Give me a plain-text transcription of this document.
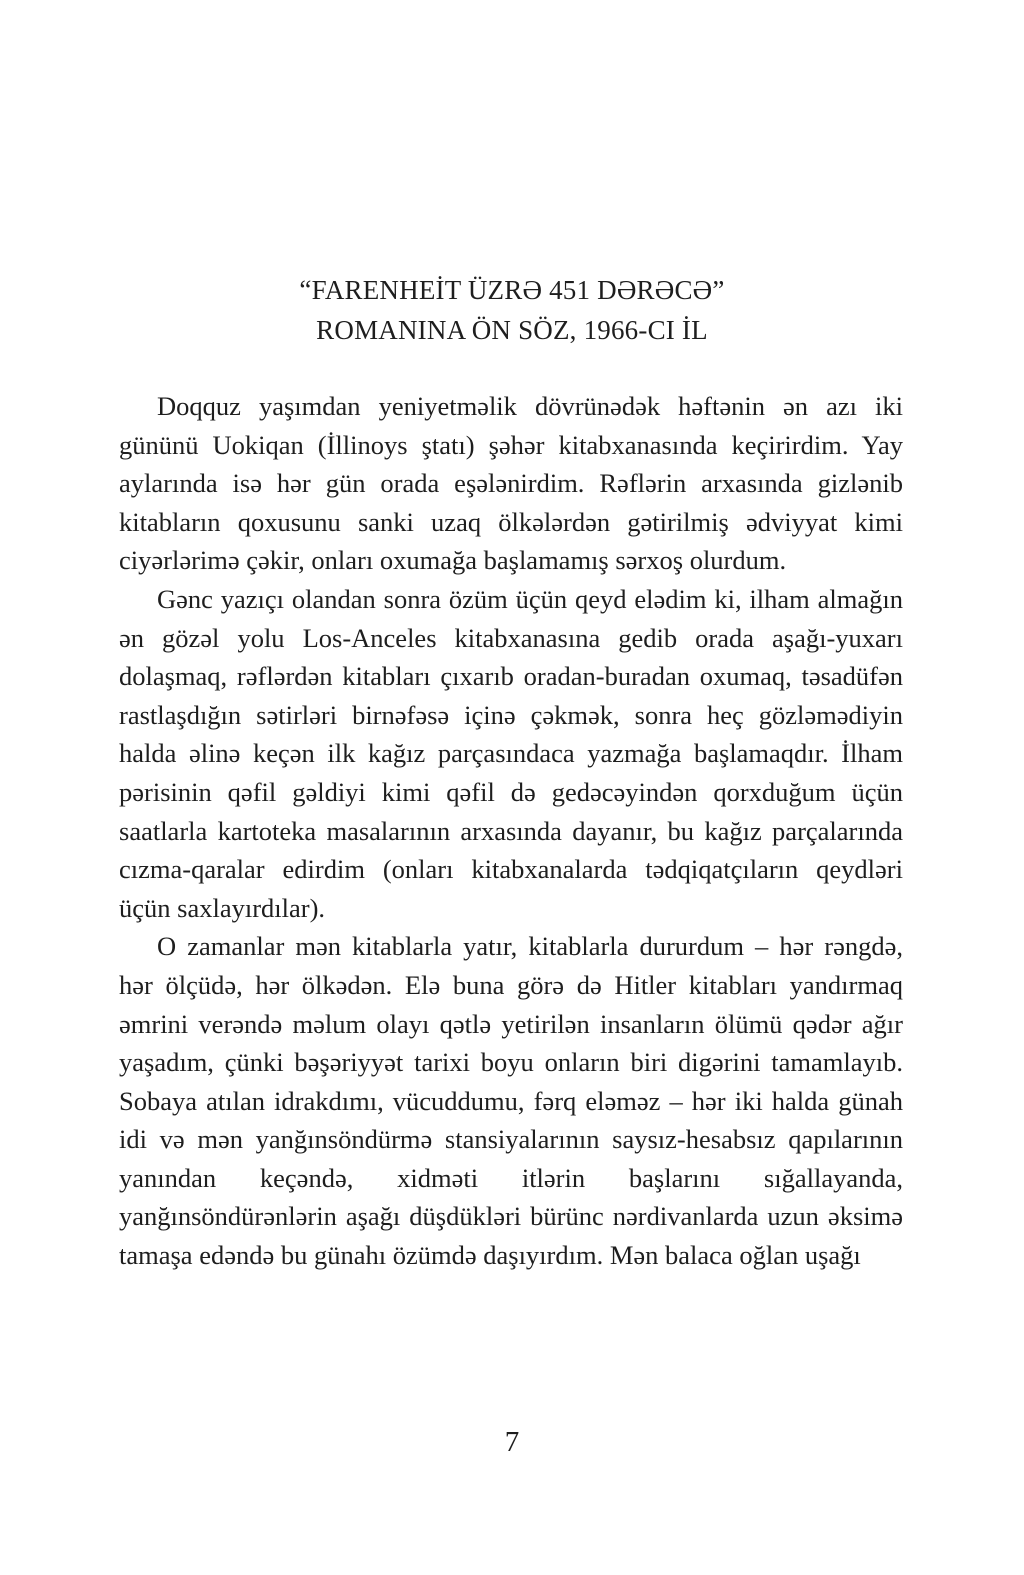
“FARENHEİT ÜZRƏ 451 DƏRƏCƏ”
ROMANINA ÖN SÖZ, 1966-CI İL

Doqquz yaşımdan yeniyetməlik dövrünədək həftənin ən azı iki gününü Uokiqan (İllinoys ştatı) şəhər kitabxanasında keçirirdim. Yay aylarında isə hər gün orada eşələnirdim. Rəflərin arxasında gizlənib kitabların qoxusunu sanki uzaq ölkələrdən gətirilmiş ədviyyat kimi ciyərlərimə çəkir, onları oxumağa başlamamış sərxoş olurdum.

Gənc yazıçı olandan sonra özüm üçün qeyd elədim ki, ilham almağın ən gözəl yolu Los-Anceles kitabxanasına gedib orada aşağı-yuxarı dolaşmaq, rəflərdən kitabları çıxarıb oradan-buradan oxumaq, təsadüfən rastlaşdığın sətirləri birnəfəsə içinə çəkmək, sonra heç gözləmədiyin halda əlinə keçən ilk kağız parçasındaca yazmağa başlamaqdır. İlham pərisinin qəfil gəldiyi kimi qəfil də gedəcəyindən qorxduğum üçün saatlarla kartoteka masalarının arxasında dayanır, bu kağız parçalarında cızma-qaralar edirdim (onları kitabxanalarda tədqiqatçıların qeydləri üçün saxlayırdılar).

O zamanlar mən kitablarla yatır, kitablarla dururdum – hər rəngdə, hər ölçüdə, hər ölkədən. Elə buna görə də Hitler kitabları yandırmaq əmrini verəndə məlum olayı qətlə yetirilən insanların ölümü qədər ağır yaşadım, çünki bəşəriyyət tarixi boyu onların biri digərini tamamlayıb. Sobaya atılan idrakdımı, vücuddumu, fərq eləməz – hər iki halda günah idi və mən yanğınsöndürmə stansiyalarının saysız-hesabsız qapılarının yanından keçəndə, xidməti itlərin başlarını sığallayanda, yanğınsöndürənlərin aşağı düşdükləri bürünc nərdivanlarda uzun əksimə tamaşa edəndə bu günahı özümdə daşıyırdım. Mən balaca oğlan uşağı

7
